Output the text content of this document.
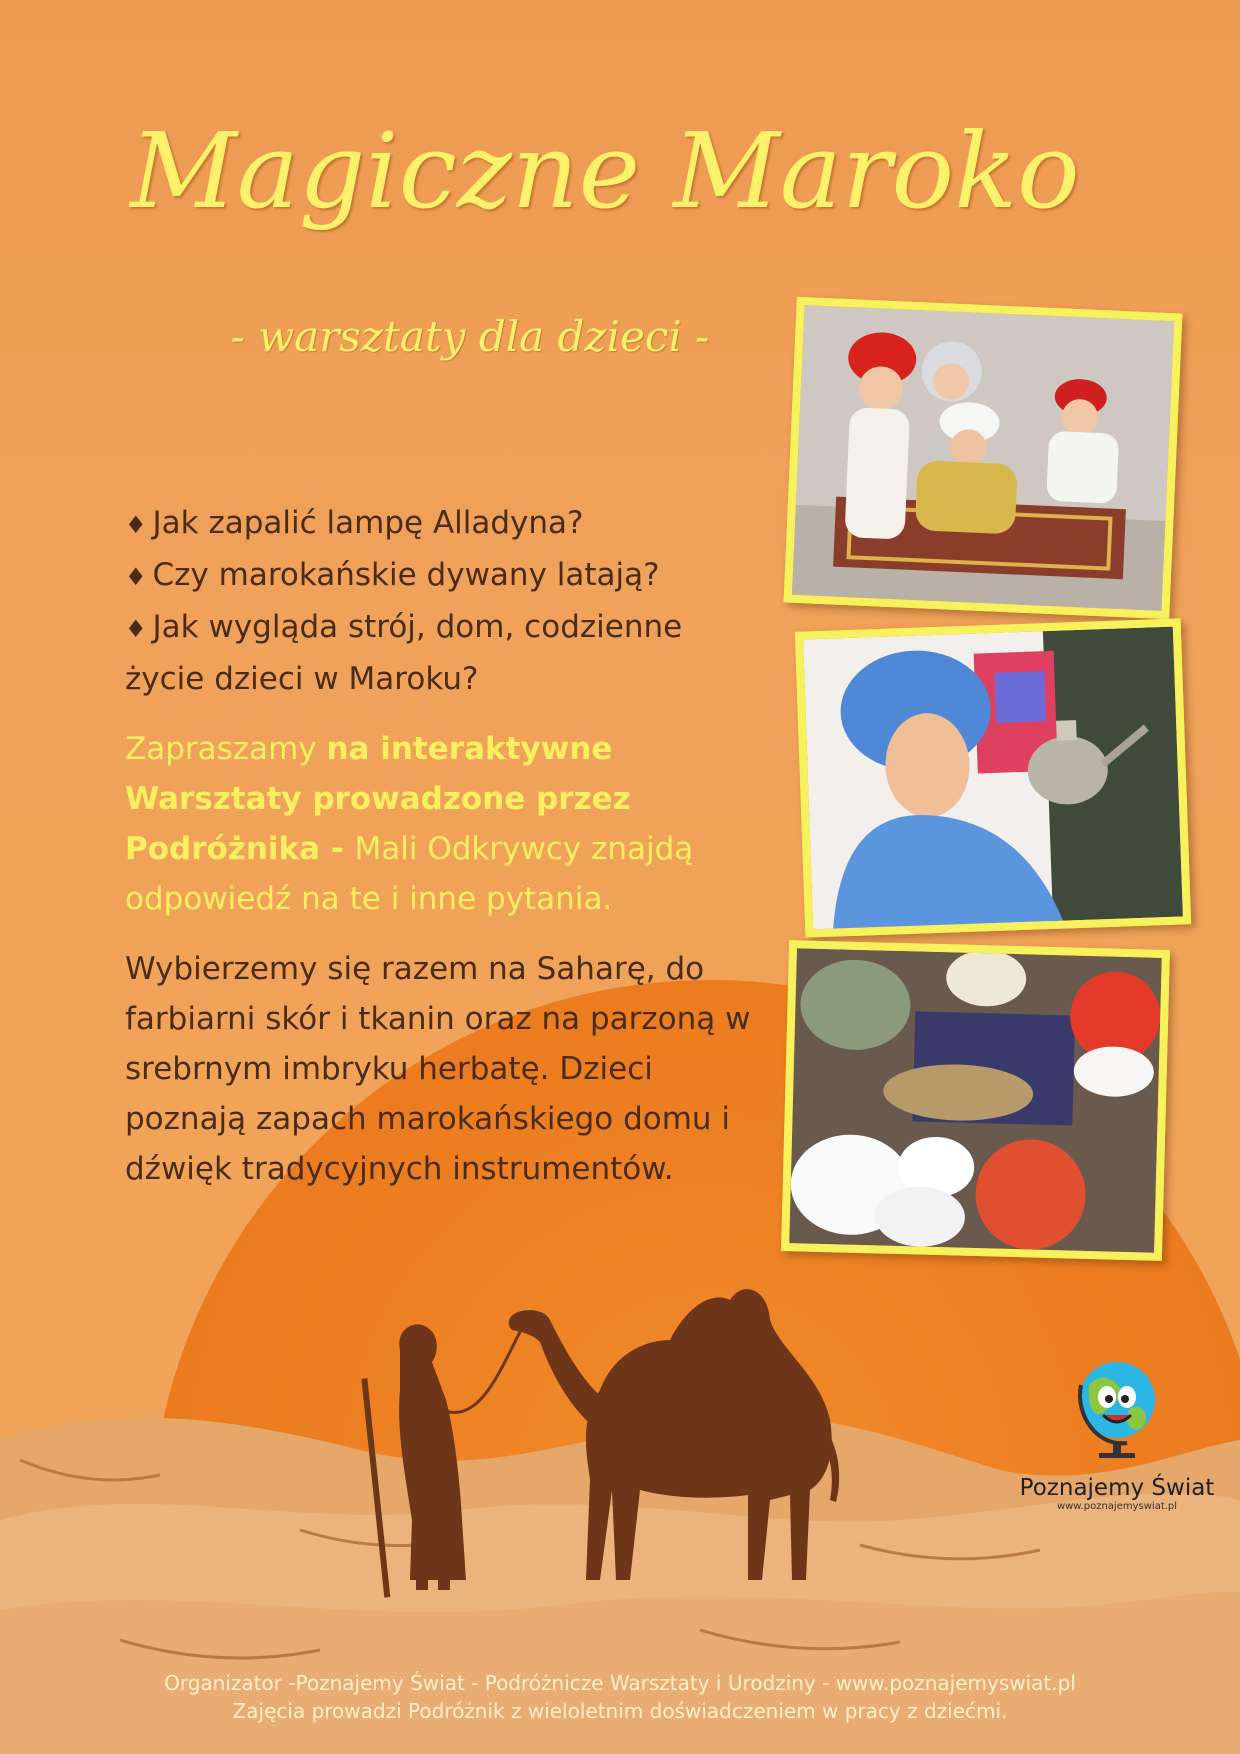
Magiczne Maroko
- warsztaty dla dzieci -

♦ Jak zapalić lampę Alladyna?

♦ Czy marokańskie dywany latają?

♦ Jak wygląda strój, dom, codzienne życie dzieci w Maroku?

Zapraszamy na interaktywne Warsztaty prowadzone przez Podróżnika - Mali Odkrywcy znajdą odpowiedź na te i inne pytania.
Wybierzemy się razem na Saharę, do farbiarni skór i tkanin oraz na parzoną w srebrnym imbryku herbatę. Dzieci poznają zapach marokańskiego domu i dźwięk tradycyjnych instrumentów.
Poznajemy Świat
www.poznajemyswiat.pl
Organizator -Poznajemy Świat - Podróżnicze Warsztaty i Urodziny - www.poznajemyswiat.pl
Zajęcia prowadzi Podróżnik z wieloletnim doświadczeniem w pracy z dziećmi.
